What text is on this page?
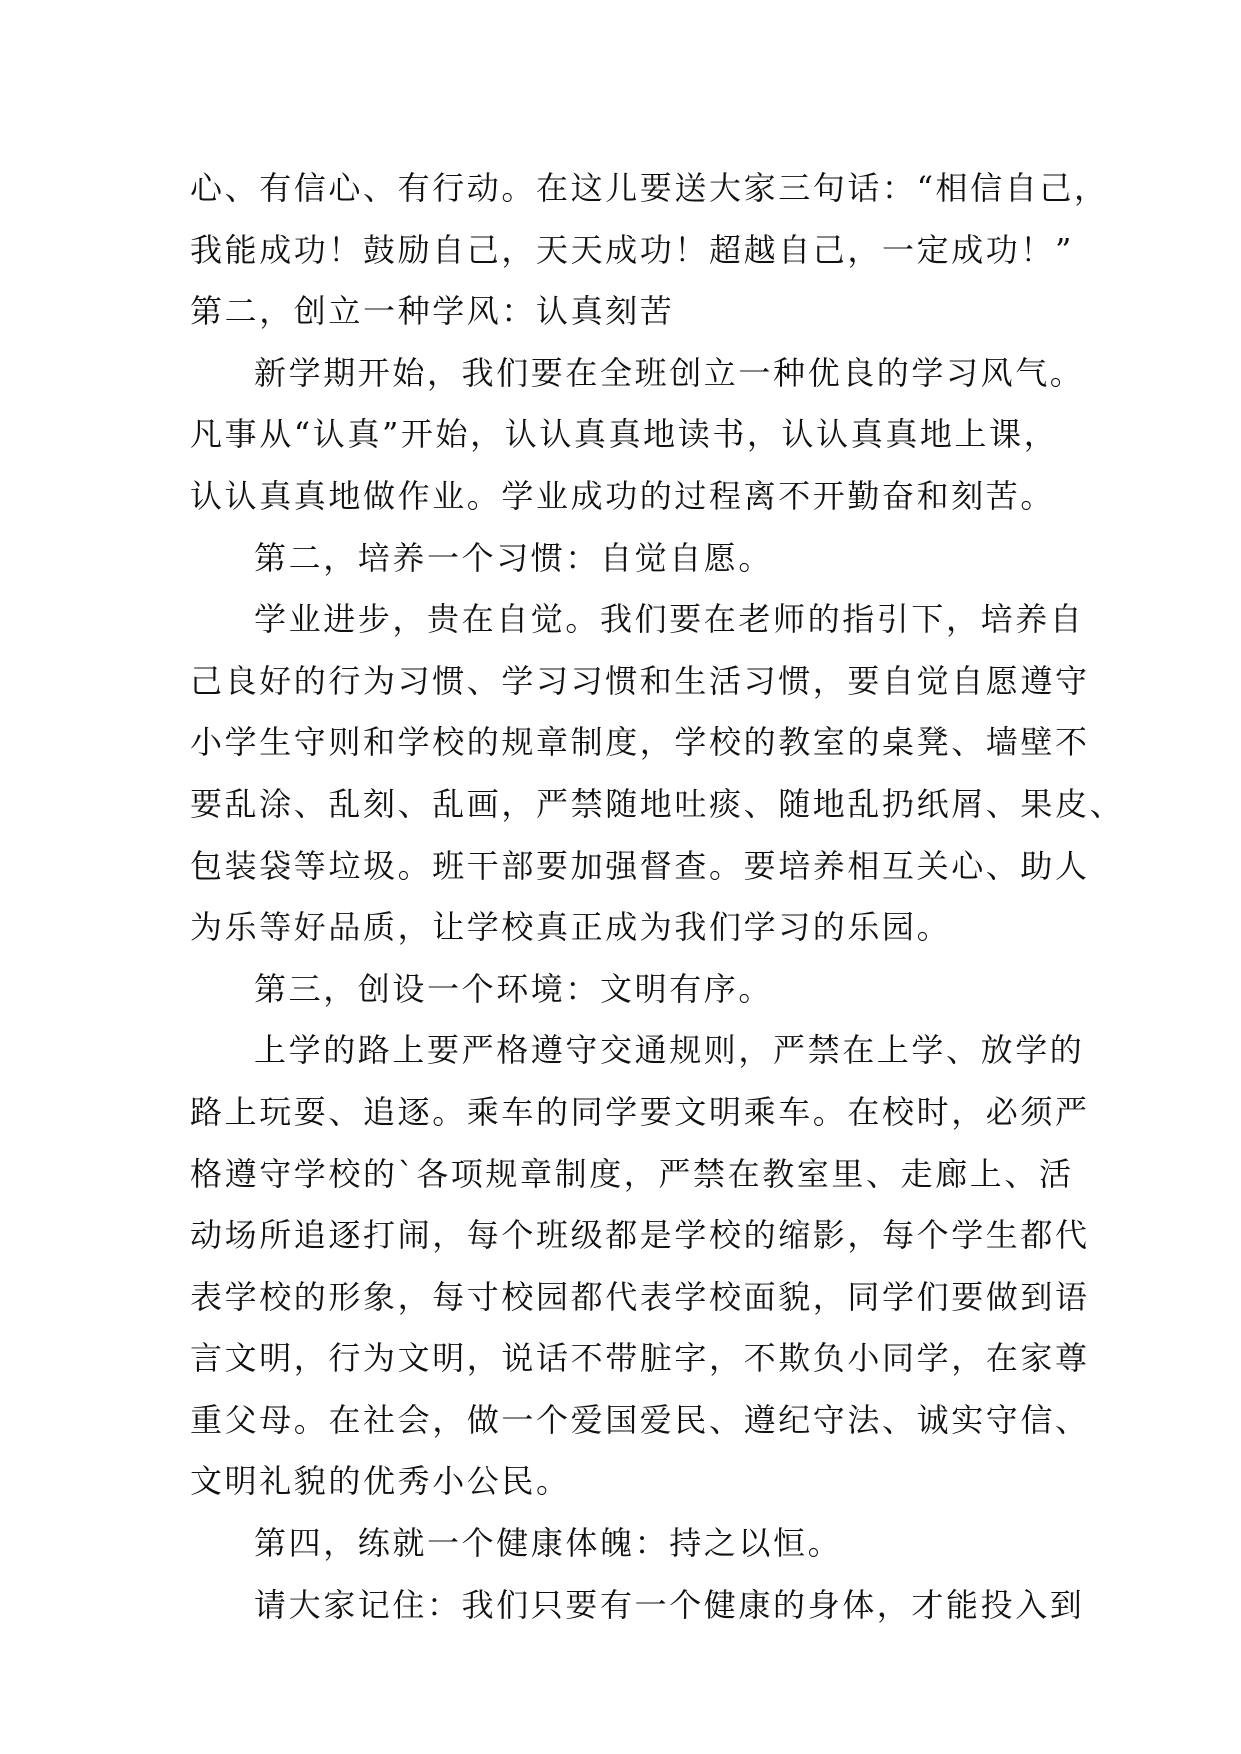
心、有信心、有行动。在这儿要送大家三句话：“相信自己，
我能成功！鼓励自己，天天成功！超越自己，一定成功！”
第二，创立一种学风：认真刻苦
新学期开始，我们要在全班创立一种优良的学习风气。
凡事从“认真”开始，认认真真地读书，认认真真地上课，
认认真真地做作业。学业成功的过程离不开勤奋和刻苦。
第二，培养一个习惯：自觉自愿。
学业进步，贵在自觉。我们要在老师的指引下，培养自
己良好的行为习惯、学习习惯和生活习惯，要自觉自愿遵守
小学生守则和学校的规章制度，学校的教室的桌凳、墙壁不
要乱涂、乱刻、乱画，严禁随地吐痰、随地乱扔纸屑、果皮、
包装袋等垃圾。班干部要加强督查。要培养相互关心、助人
为乐等好品质，让学校真正成为我们学习的乐园。
第三，创设一个环境：文明有序。
上学的路上要严格遵守交通规则，严禁在上学、放学的
路上玩耍、追逐。乘车的同学要文明乘车。在校时，必须严
格遵守学校的`各项规章制度，严禁在教室里、走廊上、活
动场所追逐打闹，每个班级都是学校的缩影，每个学生都代
表学校的形象，每寸校园都代表学校面貌，同学们要做到语
言文明，行为文明，说话不带脏字，不欺负小同学，在家尊
重父母。在社会，做一个爱国爱民、遵纪守法、诚实守信、
文明礼貌的优秀小公民。
第四，练就一个健康体魄：持之以恒。
请大家记住：我们只要有一个健康的身体，才能投入到
